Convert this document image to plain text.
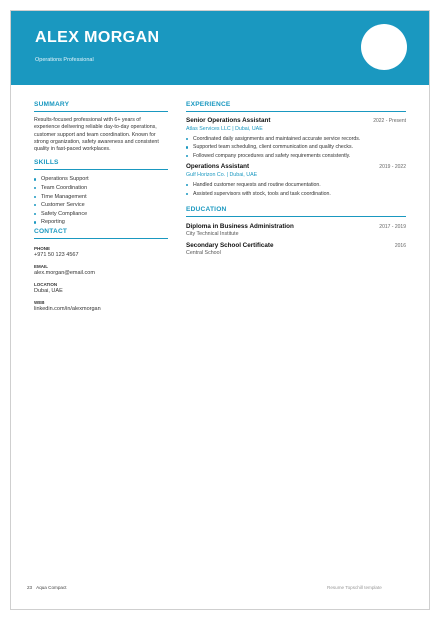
ALEX MORGAN
Operations Professional
SUMMARY
Results-focused professional with 6+ years of experience delivering reliable day-to-day operations, customer support and team coordination. Known for strong organization, safety awareness and consistent quality in fast-paced workplaces.
SKILLS
Operations Support
Team Coordination
Time Management
Customer Service
Safety Compliance
Reporting
CONTACT
PHONE
+971 50 123 4567
EMAIL
alex.morgan@email.com
LOCATION
Dubai, UAE
WEB
linkedin.com/in/alexmorgan
EXPERIENCE
Senior Operations Assistant	2022 - Present
Atlas Services LLC | Dubai, UAE
Coordinated daily assignments and maintained accurate service records.
Supported team scheduling, client communication and quality checks.
Followed company procedures and safety requirements consistently.
Operations Assistant	2019 - 2022
Gulf Horizon Co. | Dubai, UAE
Handled customer requests and routine documentation.
Assisted supervisors with stock, tools and task coordination.
EDUCATION
Diploma in Business Administration	2017 - 2019
City Technical Institute
Secondary School Certificate	2016
Central School
23 Aqua Compact	Resume Topschill template
